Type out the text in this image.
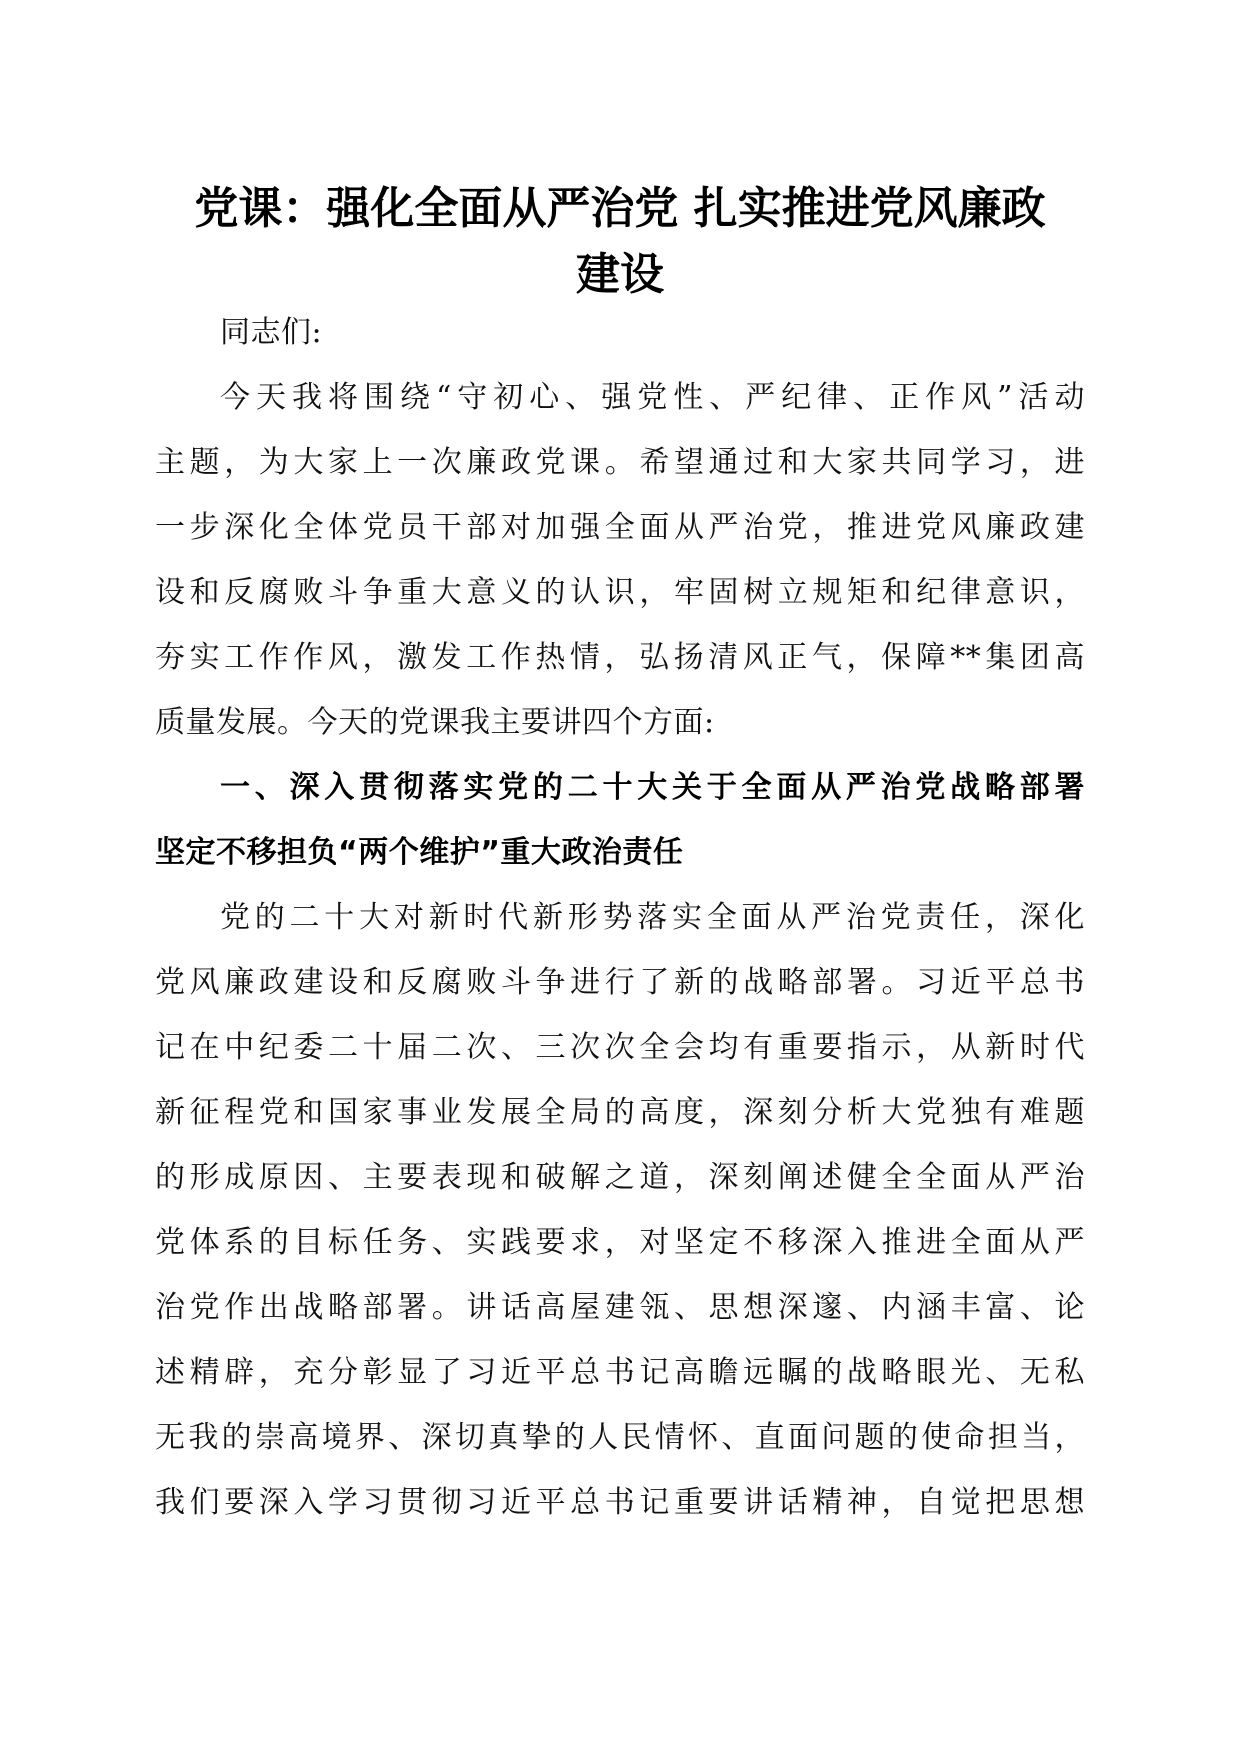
党课：强化全面从严治党 扎实推进党风廉政
建设
同志们:
今天我将围绕“守初心、强党性、严纪律、正作风”活动
主题，为大家上一次廉政党课。希望通过和大家共同学习，进
一步深化全体党员干部对加强全面从严治党，推进党风廉政建
设和反腐败斗争重大意义的认识，牢固树立规矩和纪律意识，
夯实工作作风，激发工作热情，弘扬清风正气，保障**集团高
质量发展。今天的党课我主要讲四个方面:
一、深入贯彻落实党的二十大关于全面从严治党战略部署
坚定不移担负“两个维护”重大政治责任
党的二十大对新时代新形势落实全面从严治党责任，深化
党风廉政建设和反腐败斗争进行了新的战略部署。习近平总书
记在中纪委二十届二次、三次次全会均有重要指示，从新时代
新征程党和国家事业发展全局的高度，深刻分析大党独有难题
的形成原因、主要表现和破解之道，深刻阐述健全全面从严治
党体系的目标任务、实践要求，对坚定不移深入推进全面从严
治党作出战略部署。讲话高屋建瓴、思想深邃、内涵丰富、论
述精辟，充分彰显了习近平总书记高瞻远瞩的战略眼光、无私
无我的崇高境界、深切真挚的人民情怀、直面问题的使命担当，
我们要深入学习贯彻习近平总书记重要讲话精神，自觉把思想
